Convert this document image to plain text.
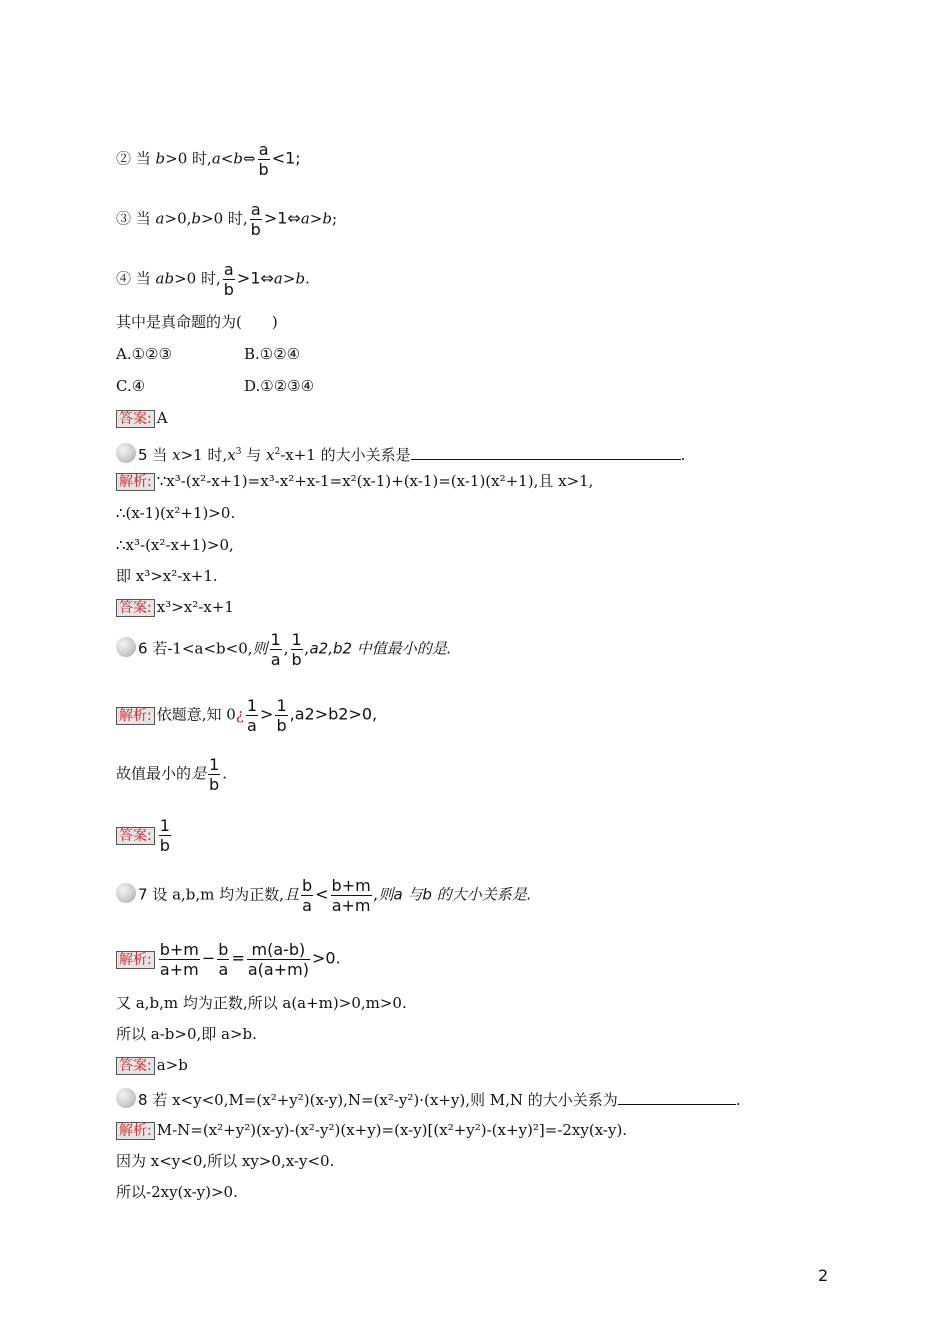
② 当 b>0 时,a<b⇔ $\frac{a}{b} <1$;
③ 当 a>0,b>0 时, $\frac{a}{b}$ >1⇔a>b;
④ 当 ab>0 时, $\frac{a}{b}$ >1⇔a>b.
其中是真命题的为(　　)
A.①②③	B.①②④
C.④	D.①②③④
答案: A
5 当 x>1 时$,x^3$ 与 $x^2-x+1$ 的大小关系是	.
解析: ∵x³-(x²-x+1)=x³-x²+x-1=x²(x-1)+(x-1)=(x-1)(x²+1),且 x>1,
∴(x-1)(x²+1)>0.
∴x³-(x²-x+1)>0,
即 x³>x²-x+1.
答案: x³>x²-x+1
6 若-1<a<b<0,则 $\frac{1}{a}$ , $\frac{1}{b} ,a2,b2$ 中值最小的是.
解析: 依题意,知 0¿ $\frac{1}{a} > \frac{1}{b} ,a2>b2>0$,
故值最小的是 $\frac{1}{b}$ .
答案: $\frac{1}{b}$
7 设 a,b,m 均为正数,且 $\frac{b}{a} < \frac{b+m}{a+m}$ ,则a 与b 的大小关系是.
解析: $\frac{b+m}{a+m} - \frac{b}{a} = \frac{m(a-b)}{a(a+m)} >0$.
又 a,b,m 均为正数,所以 a(a+m)>0,m>0.
所以 a-b>0,即 a>b.
答案: a>b
8 若 x<y<0,M=(x²+y²)(x-y),N=(x²-y²)·(x+y),则 M,N 的大小关系为	.
解析: M-N=(x²+y²)(x-y)-(x²-y²)(x+y)=(x-y)[(x²+y²)-(x+y)²]=-2xy(x-y).
因为 x<y<0,所以 xy>0,x-y<0.
所以-2xy(x-y)>0.
2
